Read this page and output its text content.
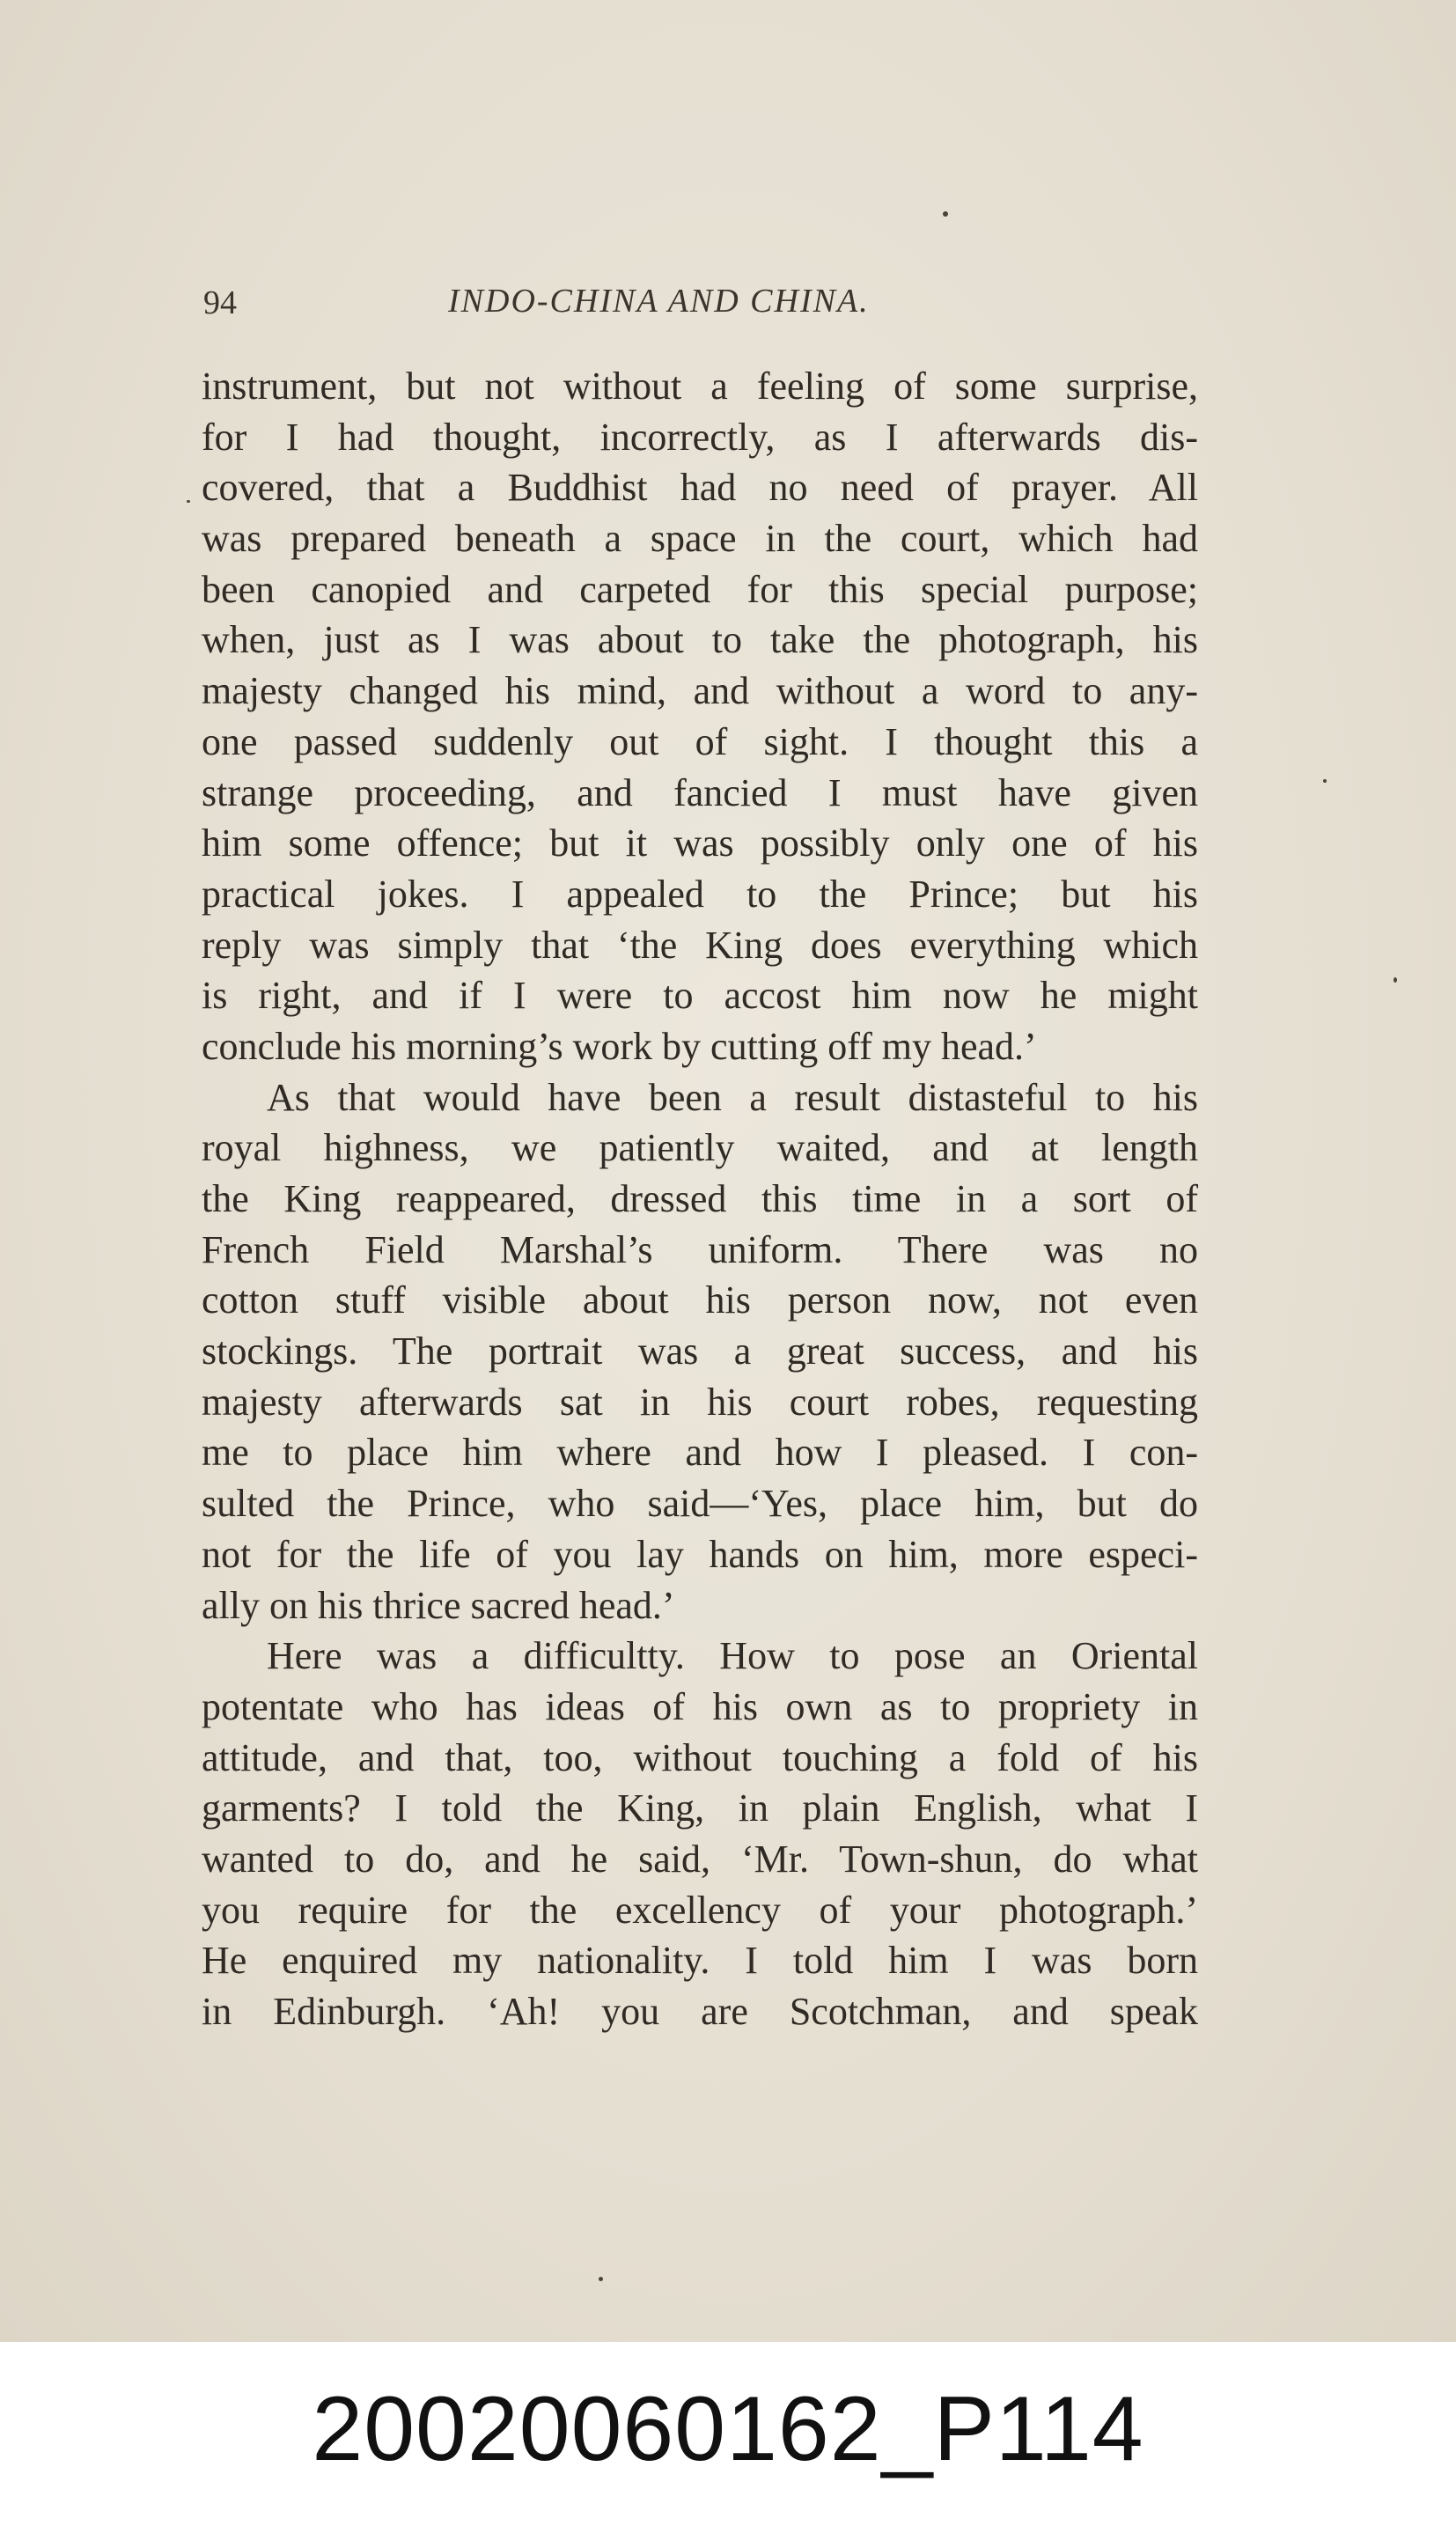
94	INDO-CHINA AND CHINA.
instrument, but not without a feeling of some surprise,
for I had thought, incorrectly, as I afterwards dis-
covered, that a Buddhist had no need of prayer. All
was prepared beneath a space in the court, which had
been canopied and carpeted for this special purpose;
when, just as I was about to take the photograph, his
majesty changed his mind, and without a word to any-
one passed suddenly out of sight. I thought this a
strange proceeding, and fancied I must have given
him some offence; but it was possibly only one of his
practical jokes. I appealed to the Prince; but his
reply was simply that ‘the King does everything which
is right, and if I were to accost him now he might
conclude his morning’s work by cutting off my head.’
As that would have been a result distasteful to his
royal highness, we patiently waited, and at length
the King reappeared, dressed this time in a sort of
French Field Marshal’s uniform. There was no
cotton stuff visible about his person now, not even
stockings. The portrait was a great success, and his
majesty afterwards sat in his court robes, requesting
me to place him where and how I pleased. I con-
sulted the Prince, who said—‘Yes, place him, but do
not for the life of you lay hands on him, more especi-
ally on his thrice sacred head.’
Here was a difficultty. How to pose an Oriental
potentate who has ideas of his own as to propriety in
attitude, and that, too, without touching a fold of his
garments? I told the King, in plain English, what I
wanted to do, and he said, ‘Mr. Town-shun, do what
you require for the excellency of your photograph.’
He enquired my nationality. I told him I was born
in Edinburgh. ‘Ah! you are Scotchman, and speak
20020060162_P114
